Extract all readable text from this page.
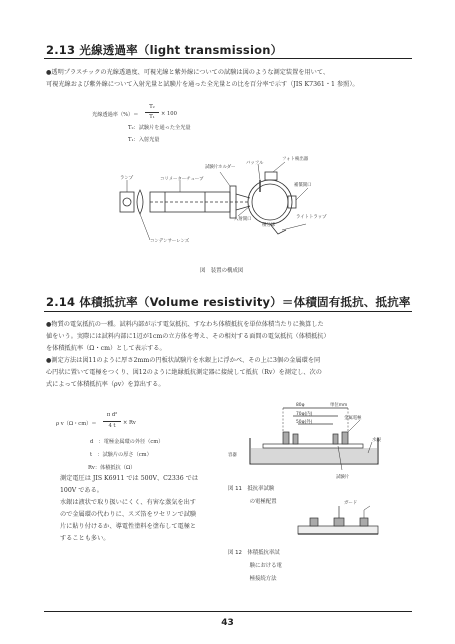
2.13 光線透過率（light transmission）
●透明プラスチックの光線透過度、可視光線と紫外線についての試験は図のような測定装置を用いて、
可視光線および紫外線について入射光量と試験片を通った全光量との比を百分率で示す（JIS K7361・1 参照）。
光線透過率（%）＝
T₂
T₁	× 100
T₂：試験片を通った全光量
T₁：入射光量
ランプ
試験片ホルダー
コリメーターチューブ
バッフル
フォト検出器
補償開口
入射開口
積分球
ライトトラップ
コンデンサーレンズ
図　装置の構成図
2.14 体積抵抗率（Volume resistivity）＝体積固有抵抗、抵抗率
●物質の電気抵抗の一種。試料内部が示す電気抵抗、すなわち体積抵抗を単位体積当たりに換算した
値をいう。実際には試料内部に1辺が1cmの立方体を考え、その相対する面間の電気抵抗（体積抵抗）
を体積抵抗率（Ω・cm）として表示する。
●測定方法は図11のように厚さ2mmの円板状試験片を水銀上に浮かべ、その上に3個の金属環を同
心円状に置いて電極をつくり、図12のように絶縁抵抗測定器に接続して抵抗（Rv）を測定し、次の
式によって体積抵抗率（ρv）を算出する。
ρ v（Ω・cm）＝
π d²
4 t	× Rv
d　：電極金属環の外径（cm）
t　：試験片の厚さ（cm）
Rv：体積抵抗（Ω）
測定電圧は JIS K6911 では 500V、C2336 では
100V である。
水銀は液状で取り扱いにくく、有害な蒸気を出す
ので金属環の代わりに、スズ箔をワセリンで試験
片に貼り付けるか、導電性塗料を塗布して電極と
することも多い。
単位mm
金属電極
水銀
容器
試験片
80φ
70φ(内)
50φ(外)
図 11　抵抗率試験
　　　　の電極配置	ガード
図 12　体積抵抗率試
　　　　験における電
　　　　極接続方法
43
